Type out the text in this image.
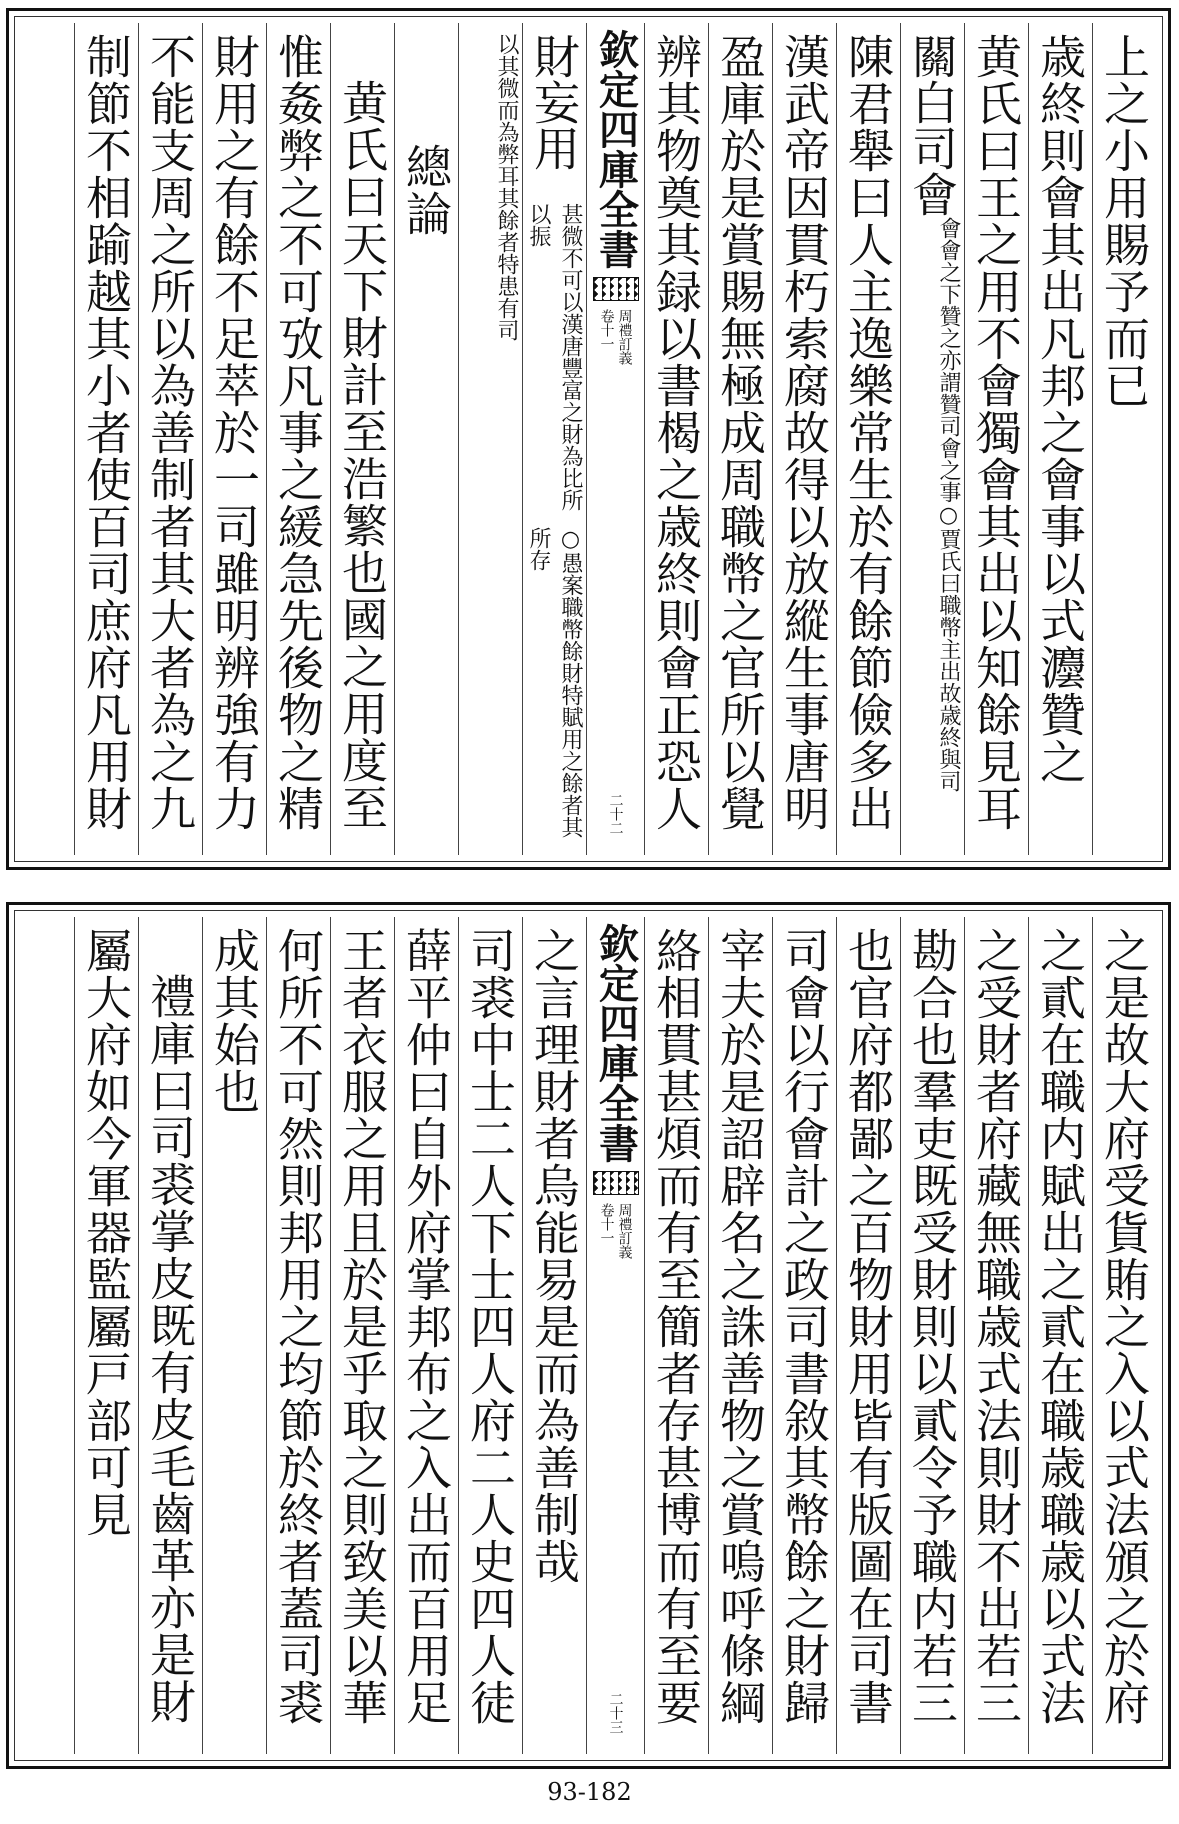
上之小用賜予而已
歳終則會其出凡邦之會事以式灋贊之
黄氏曰王之用不會獨會其出以知餘見耳
關白司會
○賈氏曰職幣主出故歳終與司
會會之下贊之亦謂贊司會之事
陳君舉曰人主逸樂常生於有餘節儉多出
漢武帝因貫朽索腐故得以放縱生事唐明
盈庫於是賞賜無極成周職幣之官所以覺
辨其物奠其録以書楬之歳終則會正恐人
欽定四庫全書
周禮訂義
卷十一
二十二
財妄用
○愚案職幣餘財特賦用之餘者其所存
甚微不可以漢唐豐富之財為比所以振
其餘者特患有司
以其微而為弊耳
總論
黄氏曰天下財計至浩繁也國之用度至
惟姦弊之不可攷凡事之緩急先後物之精
財用之有餘不足萃於一司雖明辨強有力
不能支周之所以為善制者其大者為之九
制節不相踰越其小者使百司庶府凡用財
之是故大府受貨賄之入以式法頒之於府
之貳在職内賦出之貳在職歳職歳以式法
之受財者府藏無職歳式法則財不出若三
勘合也羣吏既受財則以貳令予職内若三
也官府都鄙之百物財用皆有版圖在司書
司會以行會計之政司書敘其幣餘之財歸
宰夫於是詔辟名之誅善物之賞嗚呼條綱
絡相貫甚煩而有至簡者存甚博而有至要
欽定四庫全書
周禮訂義
卷十一
二十三
之言理財者烏能易是而為善制哉
司裘中士二人下士四人府二人史四人徒
薛平仲曰自外府掌邦布之入出而百用足
王者衣服之用且於是乎取之則致美以華
何所不可然則邦用之均節於終者蓋司裘
成其始也
禮庫曰司裘掌皮既有皮毛齒革亦是財
屬大府如今軍器監屬戸部可見
93-182
